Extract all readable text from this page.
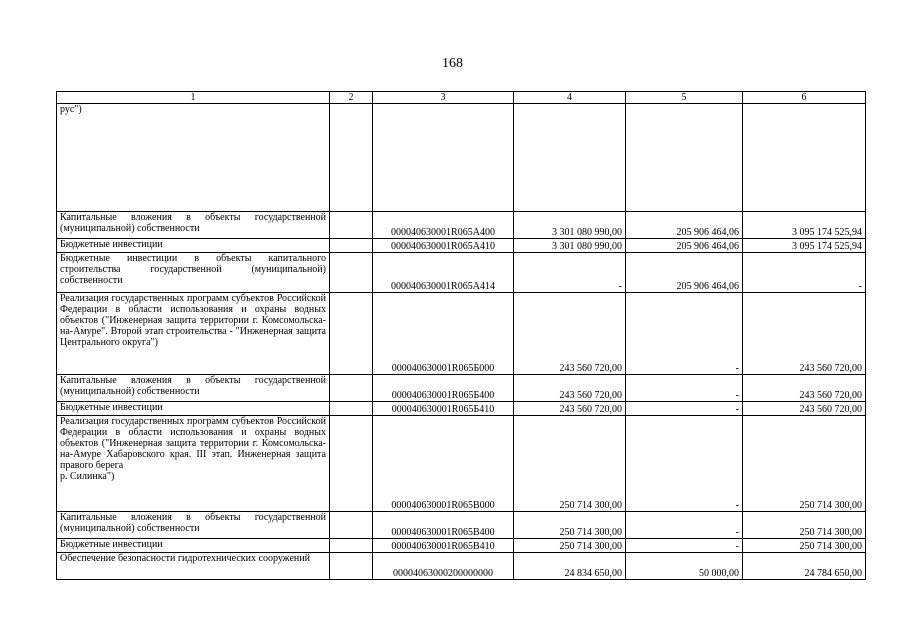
168
1	2	3	4	5	6
рус")					
Капитальные вложения в объекты государственной (муниципальной) собственности		000040630001R065A400	3 301 080 990,00	205 906 464,06	3 095 174 525,94
Бюджетные инвестиции		000040630001R065A410	3 301 080 990,00	205 906 464,06	3 095 174 525,94
Бюджетные инвестиции в объекты капитального строительства государственной (муниципальной) собственности		000040630001R065A414	-	205 906 464,06	-
Реализация государственных программ субъектов Российской Федерации в области использования и охраны водных объектов ("Инженерная защита территории г. Комсомольска-на-Амуре". Второй этап строительства - "Инженерная защита Центрального округа")		000040630001R065Б000	243 560 720,00	-	243 560 720,00
Капитальные вложения в объекты государственной (муниципальной) собственности		000040630001R065Б400	243 560 720,00	-	243 560 720,00
Бюджетные инвестиции		000040630001R065Б410	243 560 720,00	-	243 560 720,00
Реализация государственных программ субъектов Российской Федерации в области использования и охраны водных объектов ("Инженерная защита территории г. Комсомольска-на-Амуре Хабаровского края. III этап. Инженерная защита правого берега
р. Силинка")		000040630001R065В000	250 714 300,00	-	250 714 300,00
Капитальные вложения в объекты государственной (муниципальной) собственности		000040630001R065В400	250 714 300,00	-	250 714 300,00
Бюджетные инвестиции		000040630001R065В410	250 714 300,00	-	250 714 300,00
Обеспечение безопасности гидротехнических сооружений		00004063000200000000	24 834 650,00	50 000,00	24 784 650,00
